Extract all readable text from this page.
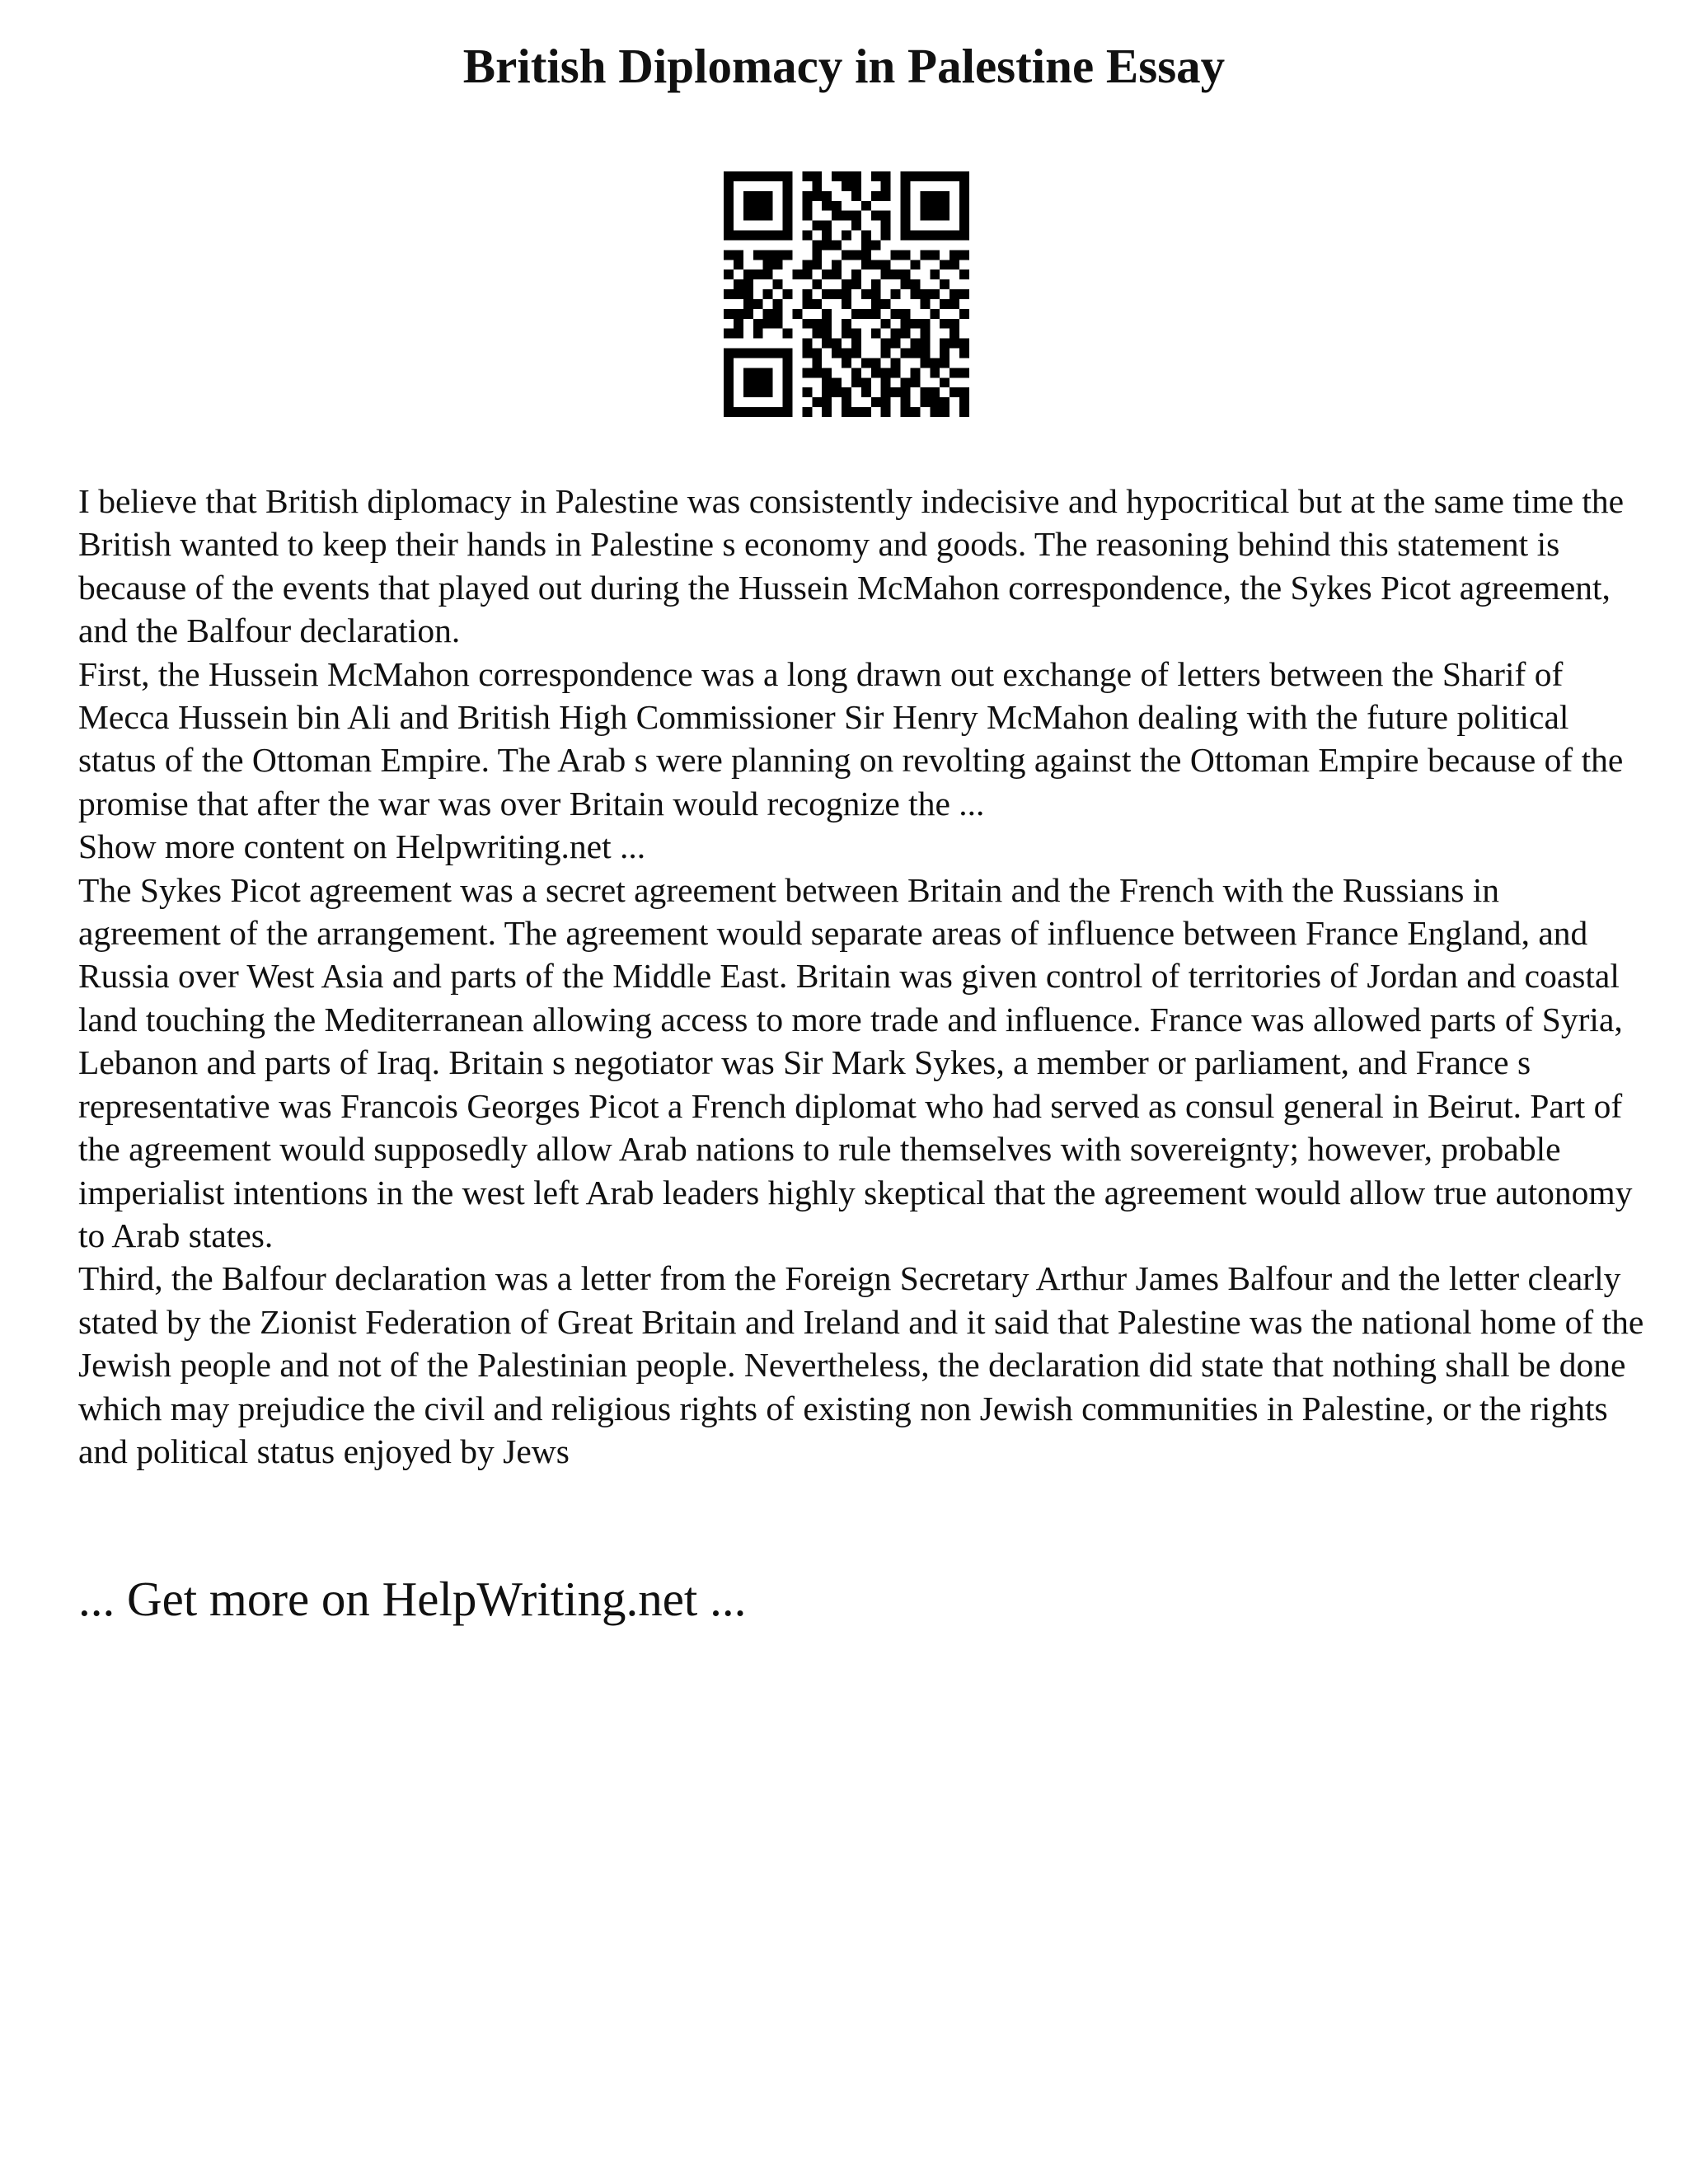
British Diplomacy in Palestine Essay

I believe that British diplomacy in Palestine was consistently indecisive and hypocritical but at the same time the British wanted to keep their hands in Palestine s economy and goods. The reasoning behind this statement is because of the events that played out during the Hussein McMahon correspondence, the Sykes Picot agreement, and the Balfour declaration.

First, the Hussein McMahon correspondence was a long drawn out exchange of letters between the Sharif of Mecca Hussein bin Ali and British High Commissioner Sir Henry McMahon dealing with the future political status of the Ottoman Empire. The Arab s were planning on revolting against the Ottoman Empire because of the promise that after the war was over Britain would recognize the ...

Show more content on Helpwriting.net ...

The Sykes Picot agreement was a secret agreement between Britain and the French with the Russians in agreement of the arrangement. The agreement would separate areas of influence between France England, and Russia over West Asia and parts of the Middle East. Britain was given control of territories of Jordan and coastal land touching the Mediterranean allowing access to more trade and influence. France was allowed parts of Syria, Lebanon and parts of Iraq. Britain s negotiator was Sir Mark Sykes, a member or parliament, and France s representative was Francois Georges Picot a French diplomat who had served as consul general in Beirut. Part of the agreement would supposedly allow Arab nations to rule themselves with sovereignty; however, probable imperialist intentions in the west left Arab leaders highly skeptical that the agreement would allow true autonomy to Arab states.

Third, the Balfour declaration was a letter from the Foreign Secretary Arthur James Balfour and the letter clearly stated by the Zionist Federation of Great Britain and Ireland and it said that Palestine was the national home of the Jewish people and not of the Palestinian people. Nevertheless, the declaration did state that nothing shall be done which may prejudice the civil and religious rights of existing non Jewish communities in Palestine, or the rights and political status enjoyed by Jews

... Get more on HelpWriting.net ...
